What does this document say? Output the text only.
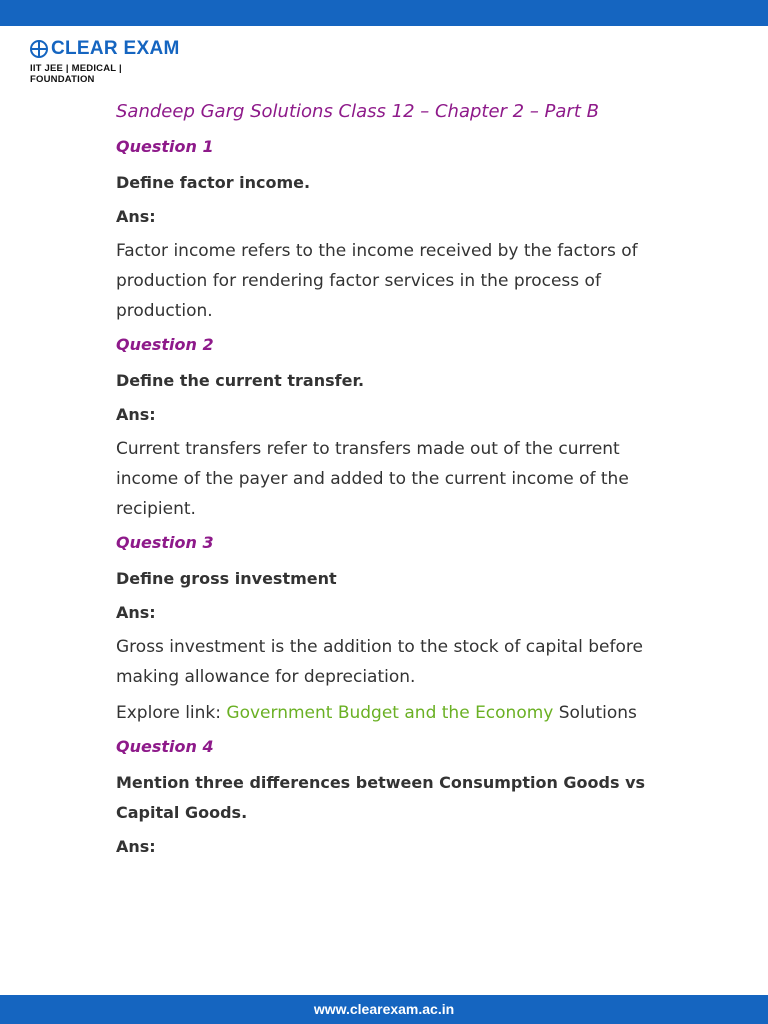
CLEAR EXAM
IIT JEE | MEDICAL | FOUNDATION
Sandeep Garg Solutions Class 12 – Chapter 2 – Part B
Question 1
Define factor income.
Ans:
Factor income refers to the income received by the factors of production for rendering factor services in the process of production.
Question 2
Define the current transfer.
Ans:
Current transfers refer to transfers made out of the current income of the payer and added to the current income of the recipient.
Question 3
Define gross investment
Ans:
Gross investment is the addition to the stock of capital before making allowance for depreciation.
Explore link: Government Budget and the Economy Solutions
Question 4
Mention three differences between Consumption Goods vs Capital Goods.
Ans:
www.clearexam.ac.in
